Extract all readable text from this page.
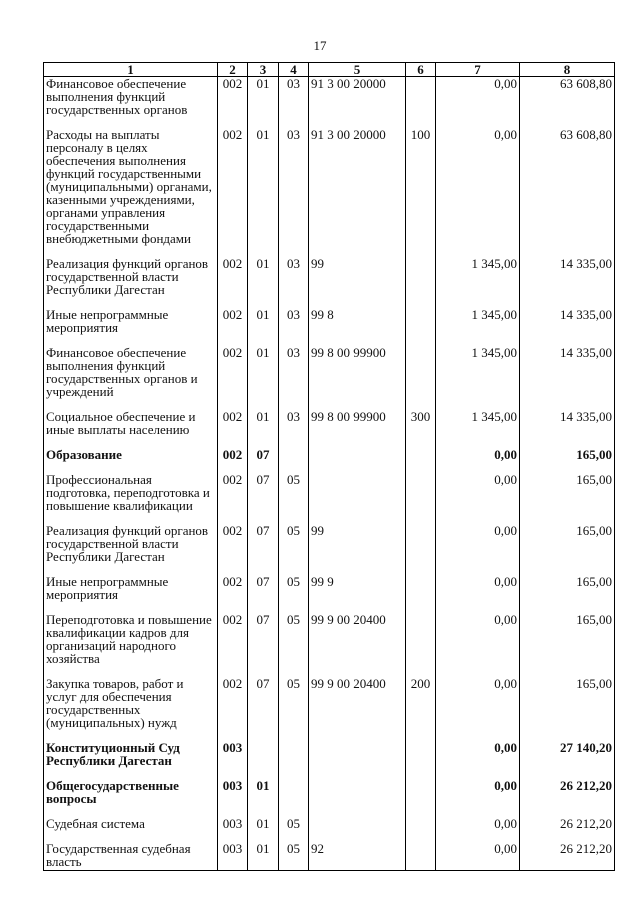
17
1	2	3	4	5	6	7	8
Финансовое обеспечение выполнения функций государственных органов	002	01	03	91 3 00 20000		0,00	63 608,80
Расходы на выплаты персоналу в целях обеспечения выполнения функций государственными (муниципальными) органами, казенными учреждениями, органами управления государственными внебюджетными фондами	002	01	03	91 3 00 20000	100	0,00	63 608,80
Реализация функций органов государственной власти Республики Дагестан	002	01	03	99		1 345,00	14 335,00
Иные непрограммные мероприятия	002	01	03	99 8		1 345,00	14 335,00
Финансовое обеспечение выполнения функций государственных органов и учреждений	002	01	03	99 8 00 99900		1 345,00	14 335,00
Социальное обеспечение и иные выплаты населению	002	01	03	99 8 00 99900	300	1 345,00	14 335,00
Образование	002	07				0,00	165,00
Профессиональная подготовка, переподготовка и повышение квалификации	002	07	05			0,00	165,00
Реализация функций органов государственной власти Республики Дагестан	002	07	05	99		0,00	165,00
Иные непрограммные мероприятия	002	07	05	99 9		0,00	165,00
Переподготовка и повышение квалификации кадров для организаций народного хозяйства	002	07	05	99 9 00 20400		0,00	165,00
Закупка товаров, работ и услуг для обеспечения государственных (муниципальных) нужд	002	07	05	99 9 00 20400	200	0,00	165,00
Конституционный Суд Республики Дагестан	003					0,00	27 140,20
Общегосударственные вопросы	003	01				0,00	26 212,20
Судебная система	003	01	05			0,00	26 212,20
Государственная судебная власть	003	01	05	92		0,00	26 212,20
